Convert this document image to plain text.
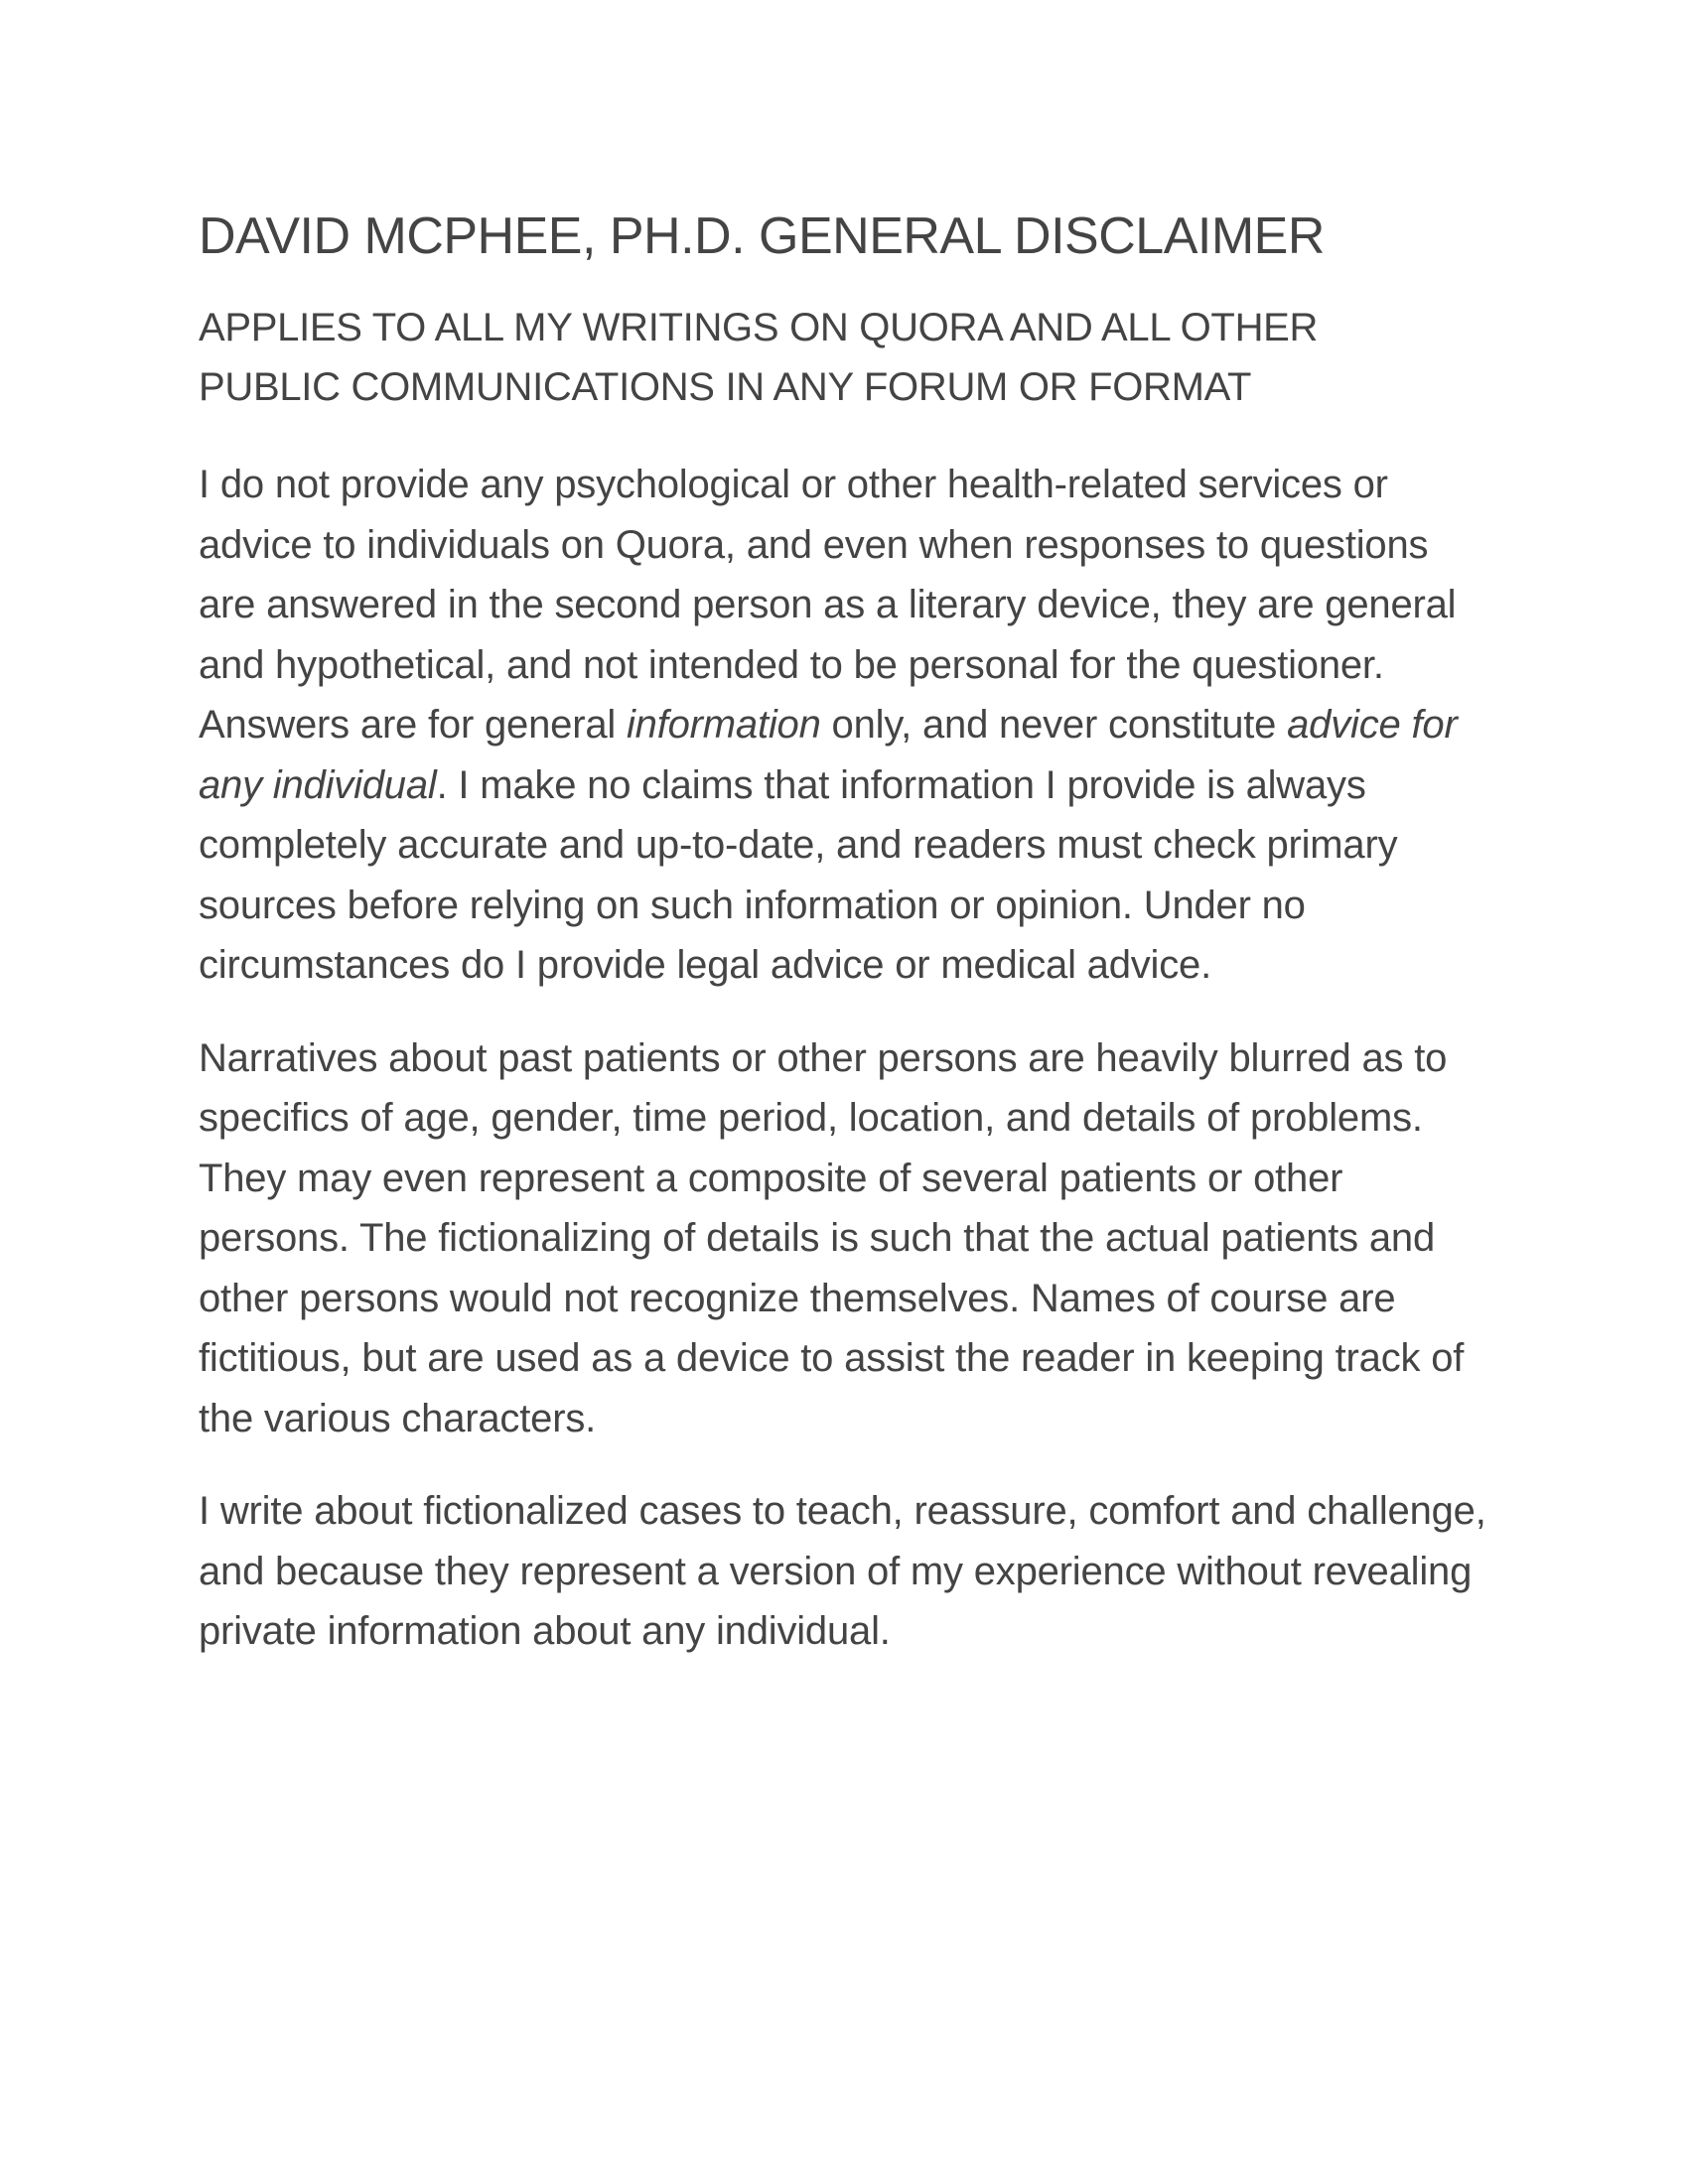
DAVID MCPHEE, PH.D. GENERAL DISCLAIMER
APPLIES TO ALL MY WRITINGS ON QUORA AND ALL OTHER
PUBLIC COMMUNICATIONS IN ANY FORUM OR FORMAT

I do not provide any psychological or other health-related services or advice to individuals on Quora, and even when responses to questions are answered in the second person as a literary device, they are general and hypothetical, and not intended to be personal for the questioner. Answers are for general information only, and never constitute advice for any individual. I make no claims that information I provide is always completely accurate and up-to-date, and readers must check primary sources before relying on such information or opinion. Under no circumstances do I provide legal advice or medical advice.

Narratives about past patients or other persons are heavily blurred as to specifics of age, gender, time period, location, and details of problems. They may even represent a composite of several patients or other persons. The fictionalizing of details is such that the actual patients and other persons would not recognize themselves. Names of course are fictitious, but are used as a device to assist the reader in keeping track of the various characters.

I write about fictionalized cases to teach, reassure, comfort and challenge, and because they represent a version of my experience without revealing private information about any individual.
